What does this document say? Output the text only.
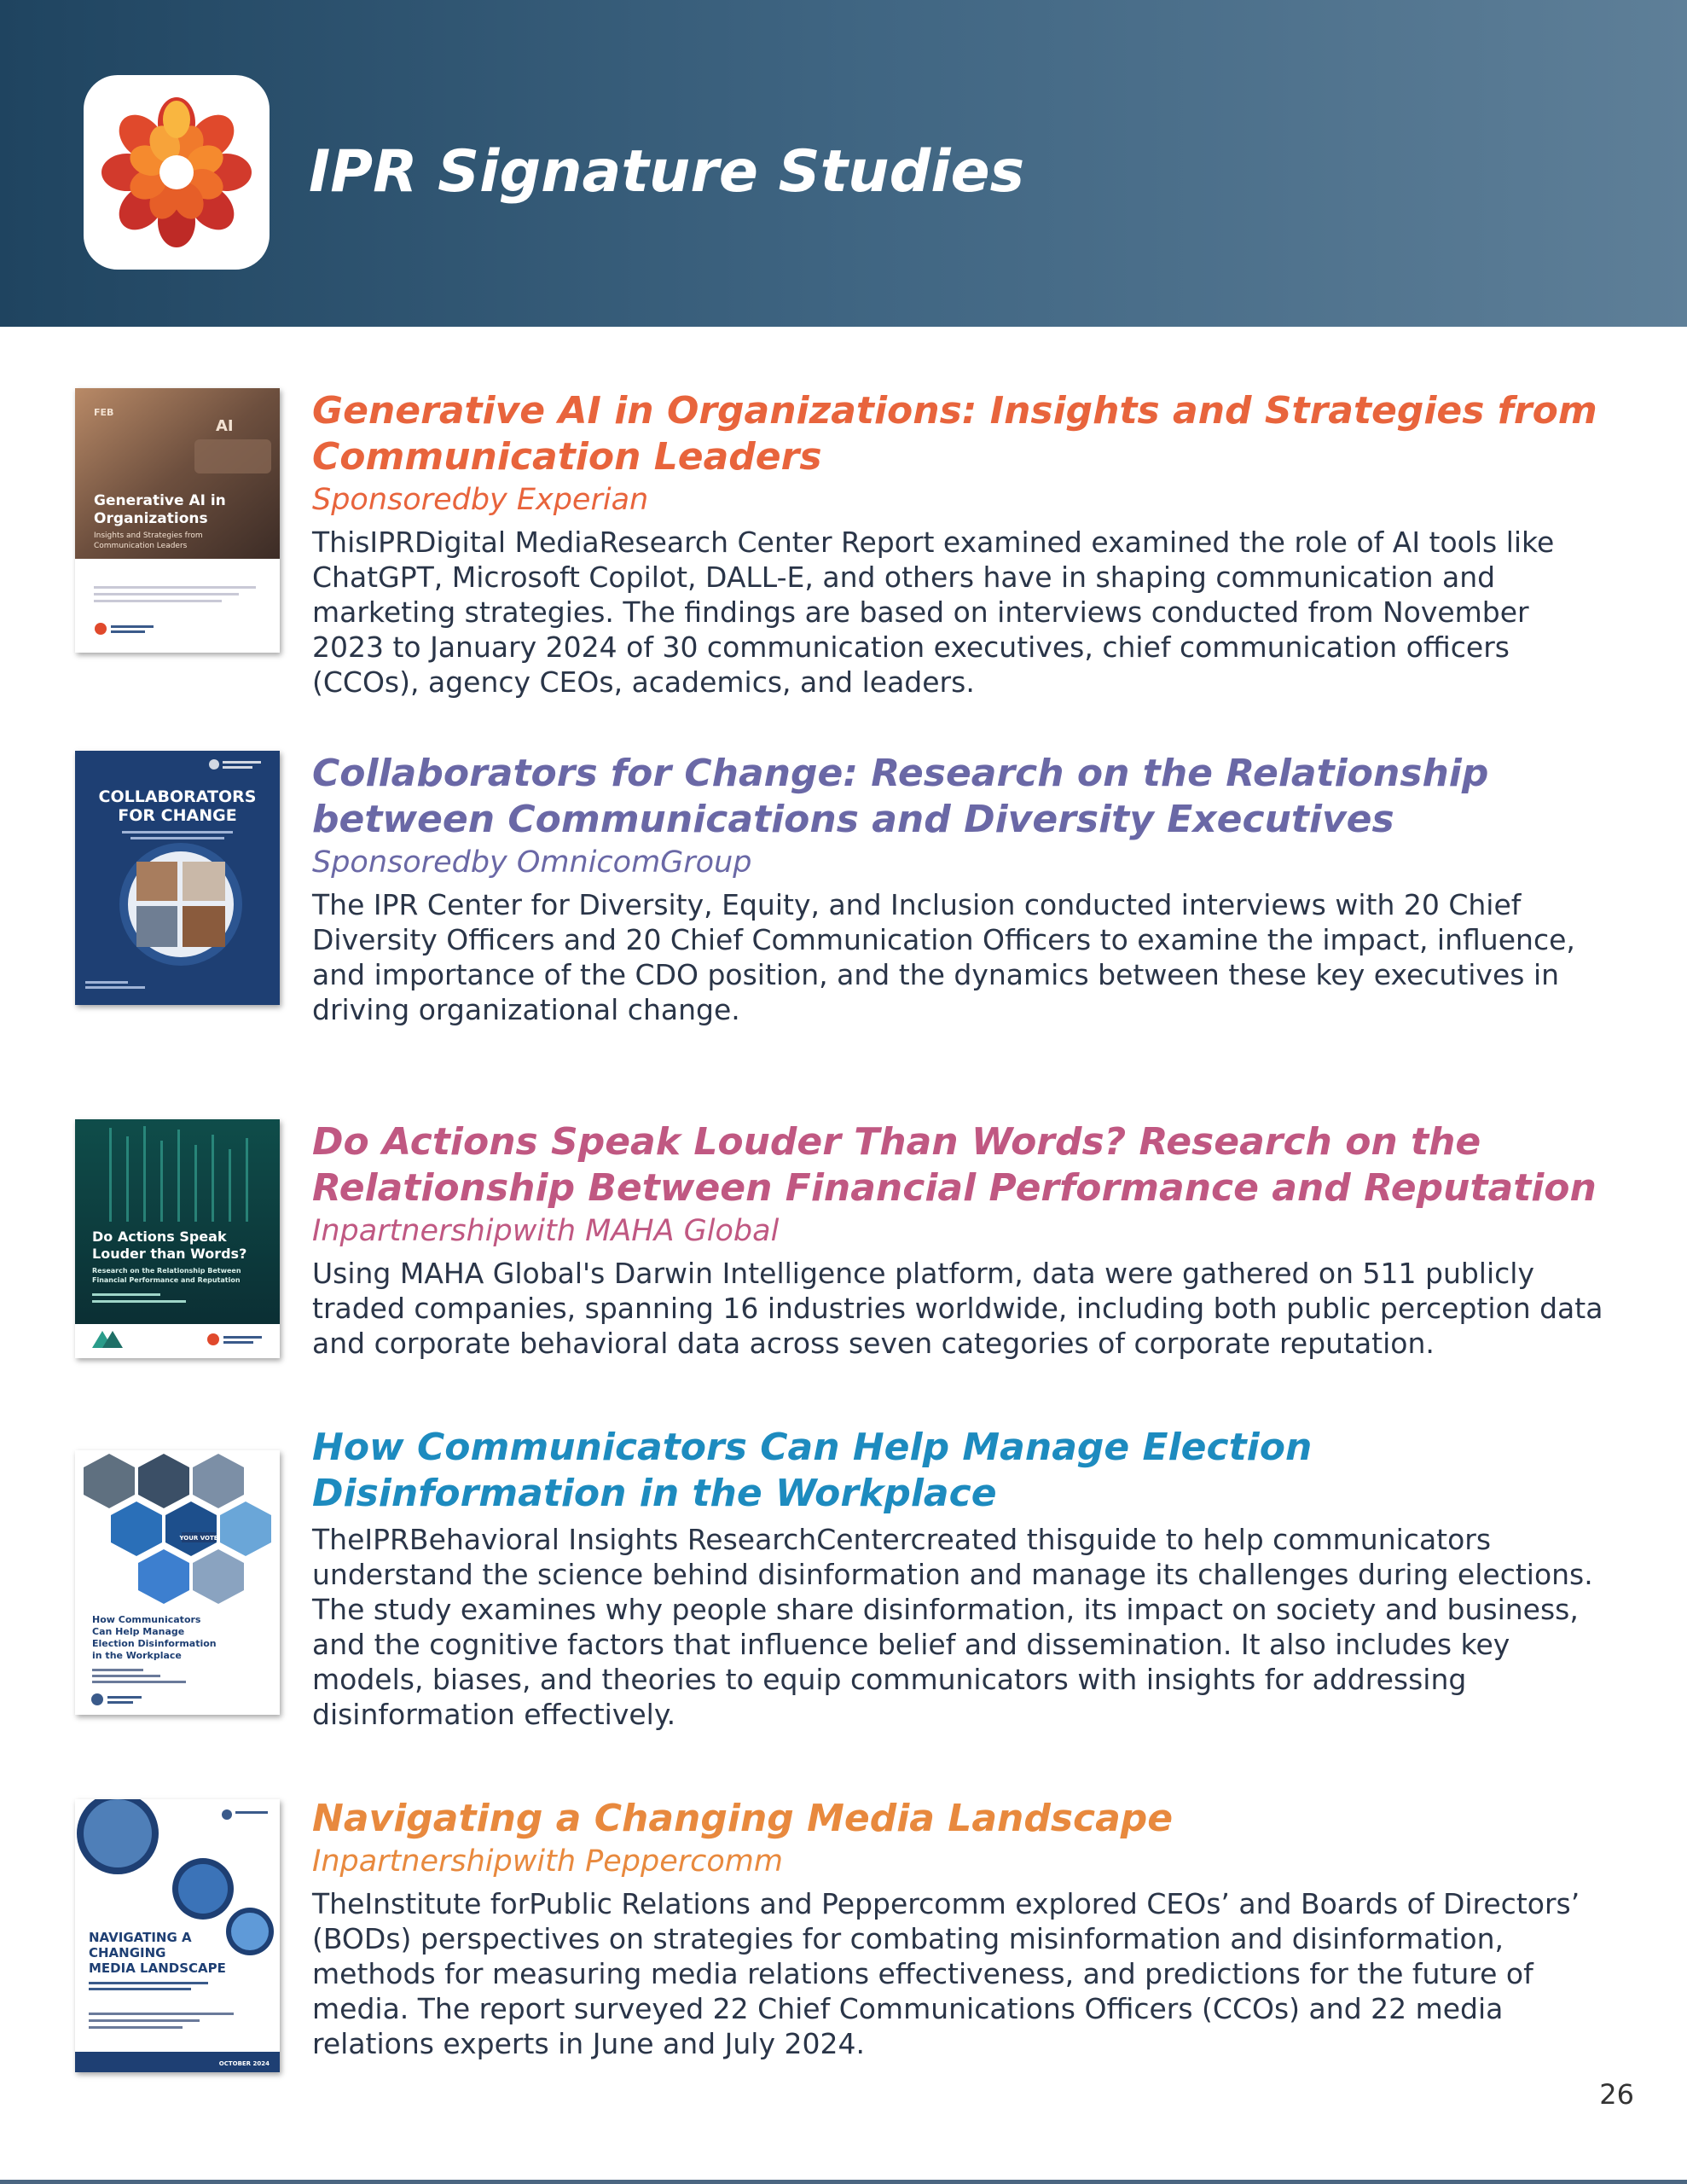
IPR Signature Studies
FEB
AI
Generative AI in
Organizations
Insights and Strategies from
Communication Leaders
Generative AI in Organizations: Insights and Strategies from Communication Leaders

Sponsoredby Experian

ThisIPRDigital MediaResearch Center Report examined examined the role of AI tools like ChatGPT, Microsoft Copilot, DALL-E, and others have in shaping communication and marketing strategies. The findings are based on interviews conducted from November 2023 to January 2024 of 30 communication executives, chief communication officers (CCOs), agency CEOs, academics, and leaders.

COLLABORATORS
FOR CHANGE
Collaborators for Change: Research on the Relationship between Communications and Diversity Executives

Sponsoredby OmnicomGroup

The IPR Center for Diversity, Equity, and Inclusion conducted interviews with 20 Chief Diversity Officers and 20 Chief Communication Officers to examine the impact, influence, and importance of the CDO position, and the dynamics between these key executives in driving organizational change.

Do Actions Speak
Louder than Words?
Research on the Relationship Between
Financial Performance and Reputation
Do Actions Speak Louder Than Words? Research on the Relationship Between Financial Performance and Reputation

Inpartnershipwith MAHA Global

Using MAHA Global's Darwin Intelligence platform, data were gathered on 511 publicly traded companies, spanning 16 industries worldwide, including both public perception data and corporate behavioral data across seven categories of corporate reputation.

YOUR VOTE
How Communicators
Can Help Manage
Election Disinformation
in the Workplace
How Communicators Can Help Manage Election Disinformation in the Workplace

TheIPRBehavioral Insights ResearchCentercreated thisguide to help communicators understand the science behind disinformation and manage its challenges during elections. The study examines why people share disinformation, its impact on society and business, and the cognitive factors that influence belief and dissemination. It also includes key models, biases, and theories to equip communicators with insights for addressing disinformation effectively.

NAVIGATING A
CHANGING
MEDIA LANDSCAPE
OCTOBER 2024
Navigating a Changing Media Landscape

Inpartnershipwith Peppercomm

TheInstitute forPublic Relations and Peppercomm explored CEOs’ and Boards of Directors’ (BODs) perspectives on strategies for combating misinformation and disinformation, methods for measuring media relations effectiveness, and predictions for the future of media. The report surveyed 22 Chief Communications Officers (CCOs) and 22 media relations experts in June and July 2024.

26
